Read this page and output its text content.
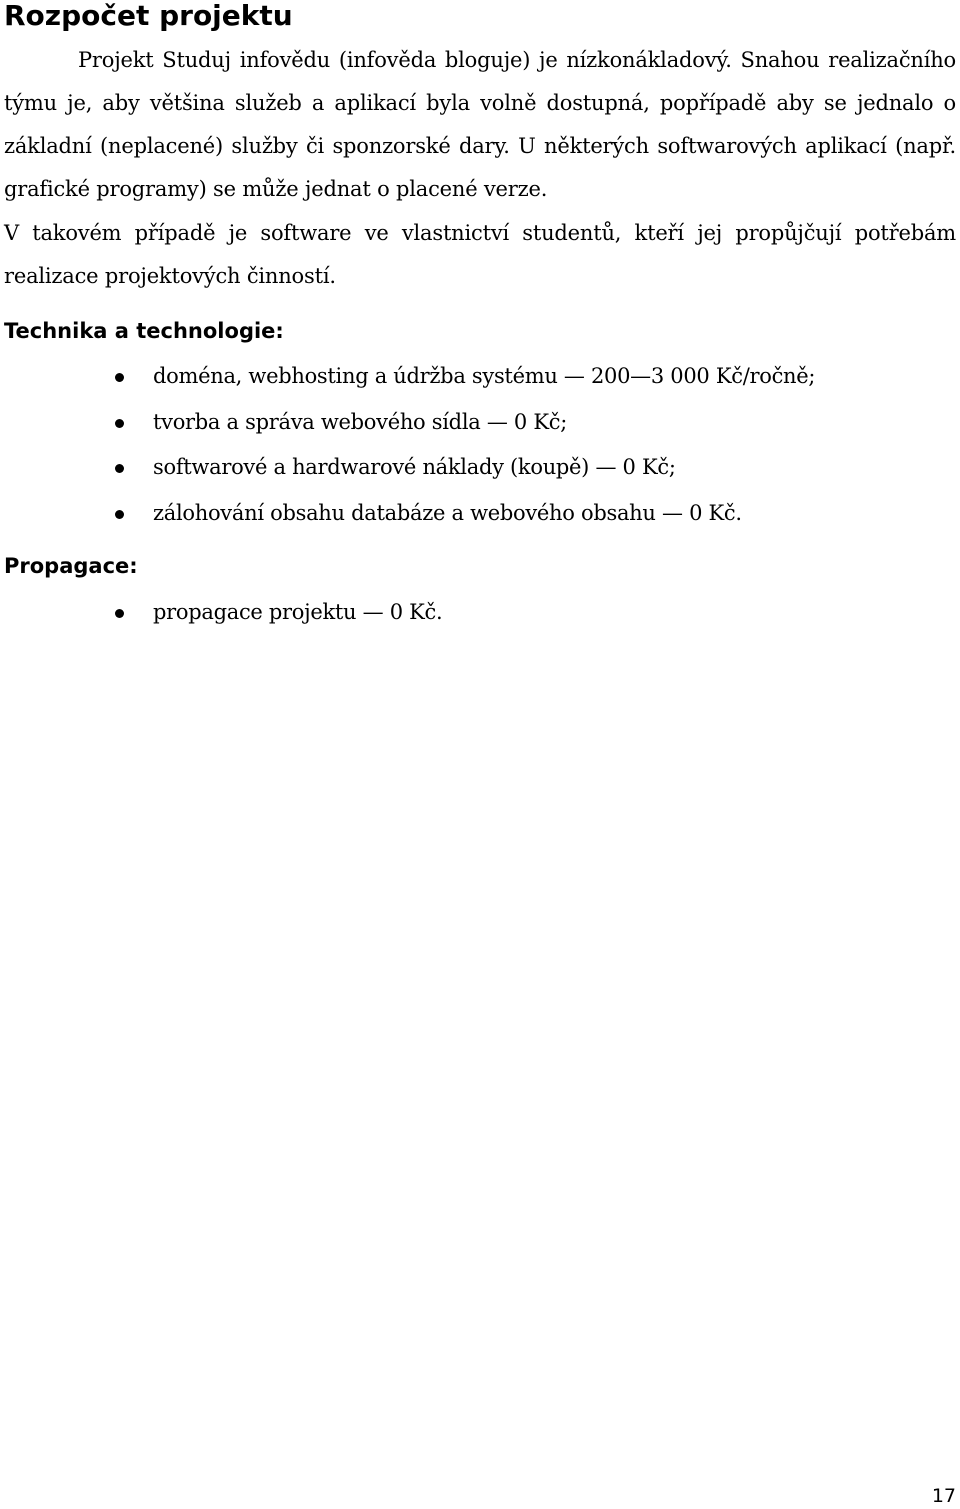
Rozpočet projektu

Projekt Studuj infovědu (infověda bloguje) je nízkonákladový. Snahou realizačního týmu je, aby většina služeb a aplikací byla volně dostupná, popřípadě aby se jednalo o základní (neplacené) služby či sponzorské dary. U některých softwarových aplikací (např. grafické programy) se může jednat o placené verze.

V takovém případě je software ve vlastnictví studentů, kteří jej propůjčují potřebám realizace projektových činností.

Technika a technologie:
doména, webhosting a údržba systému — 200—3 000 Kč/ročně;
tvorba a správa webového sídla — 0 Kč;
softwarové a hardwarové náklady (koupě) — 0 Kč;
zálohování obsahu databáze a webového obsahu — 0 Kč.
Propagace:
propagace projektu — 0 Kč.

17
